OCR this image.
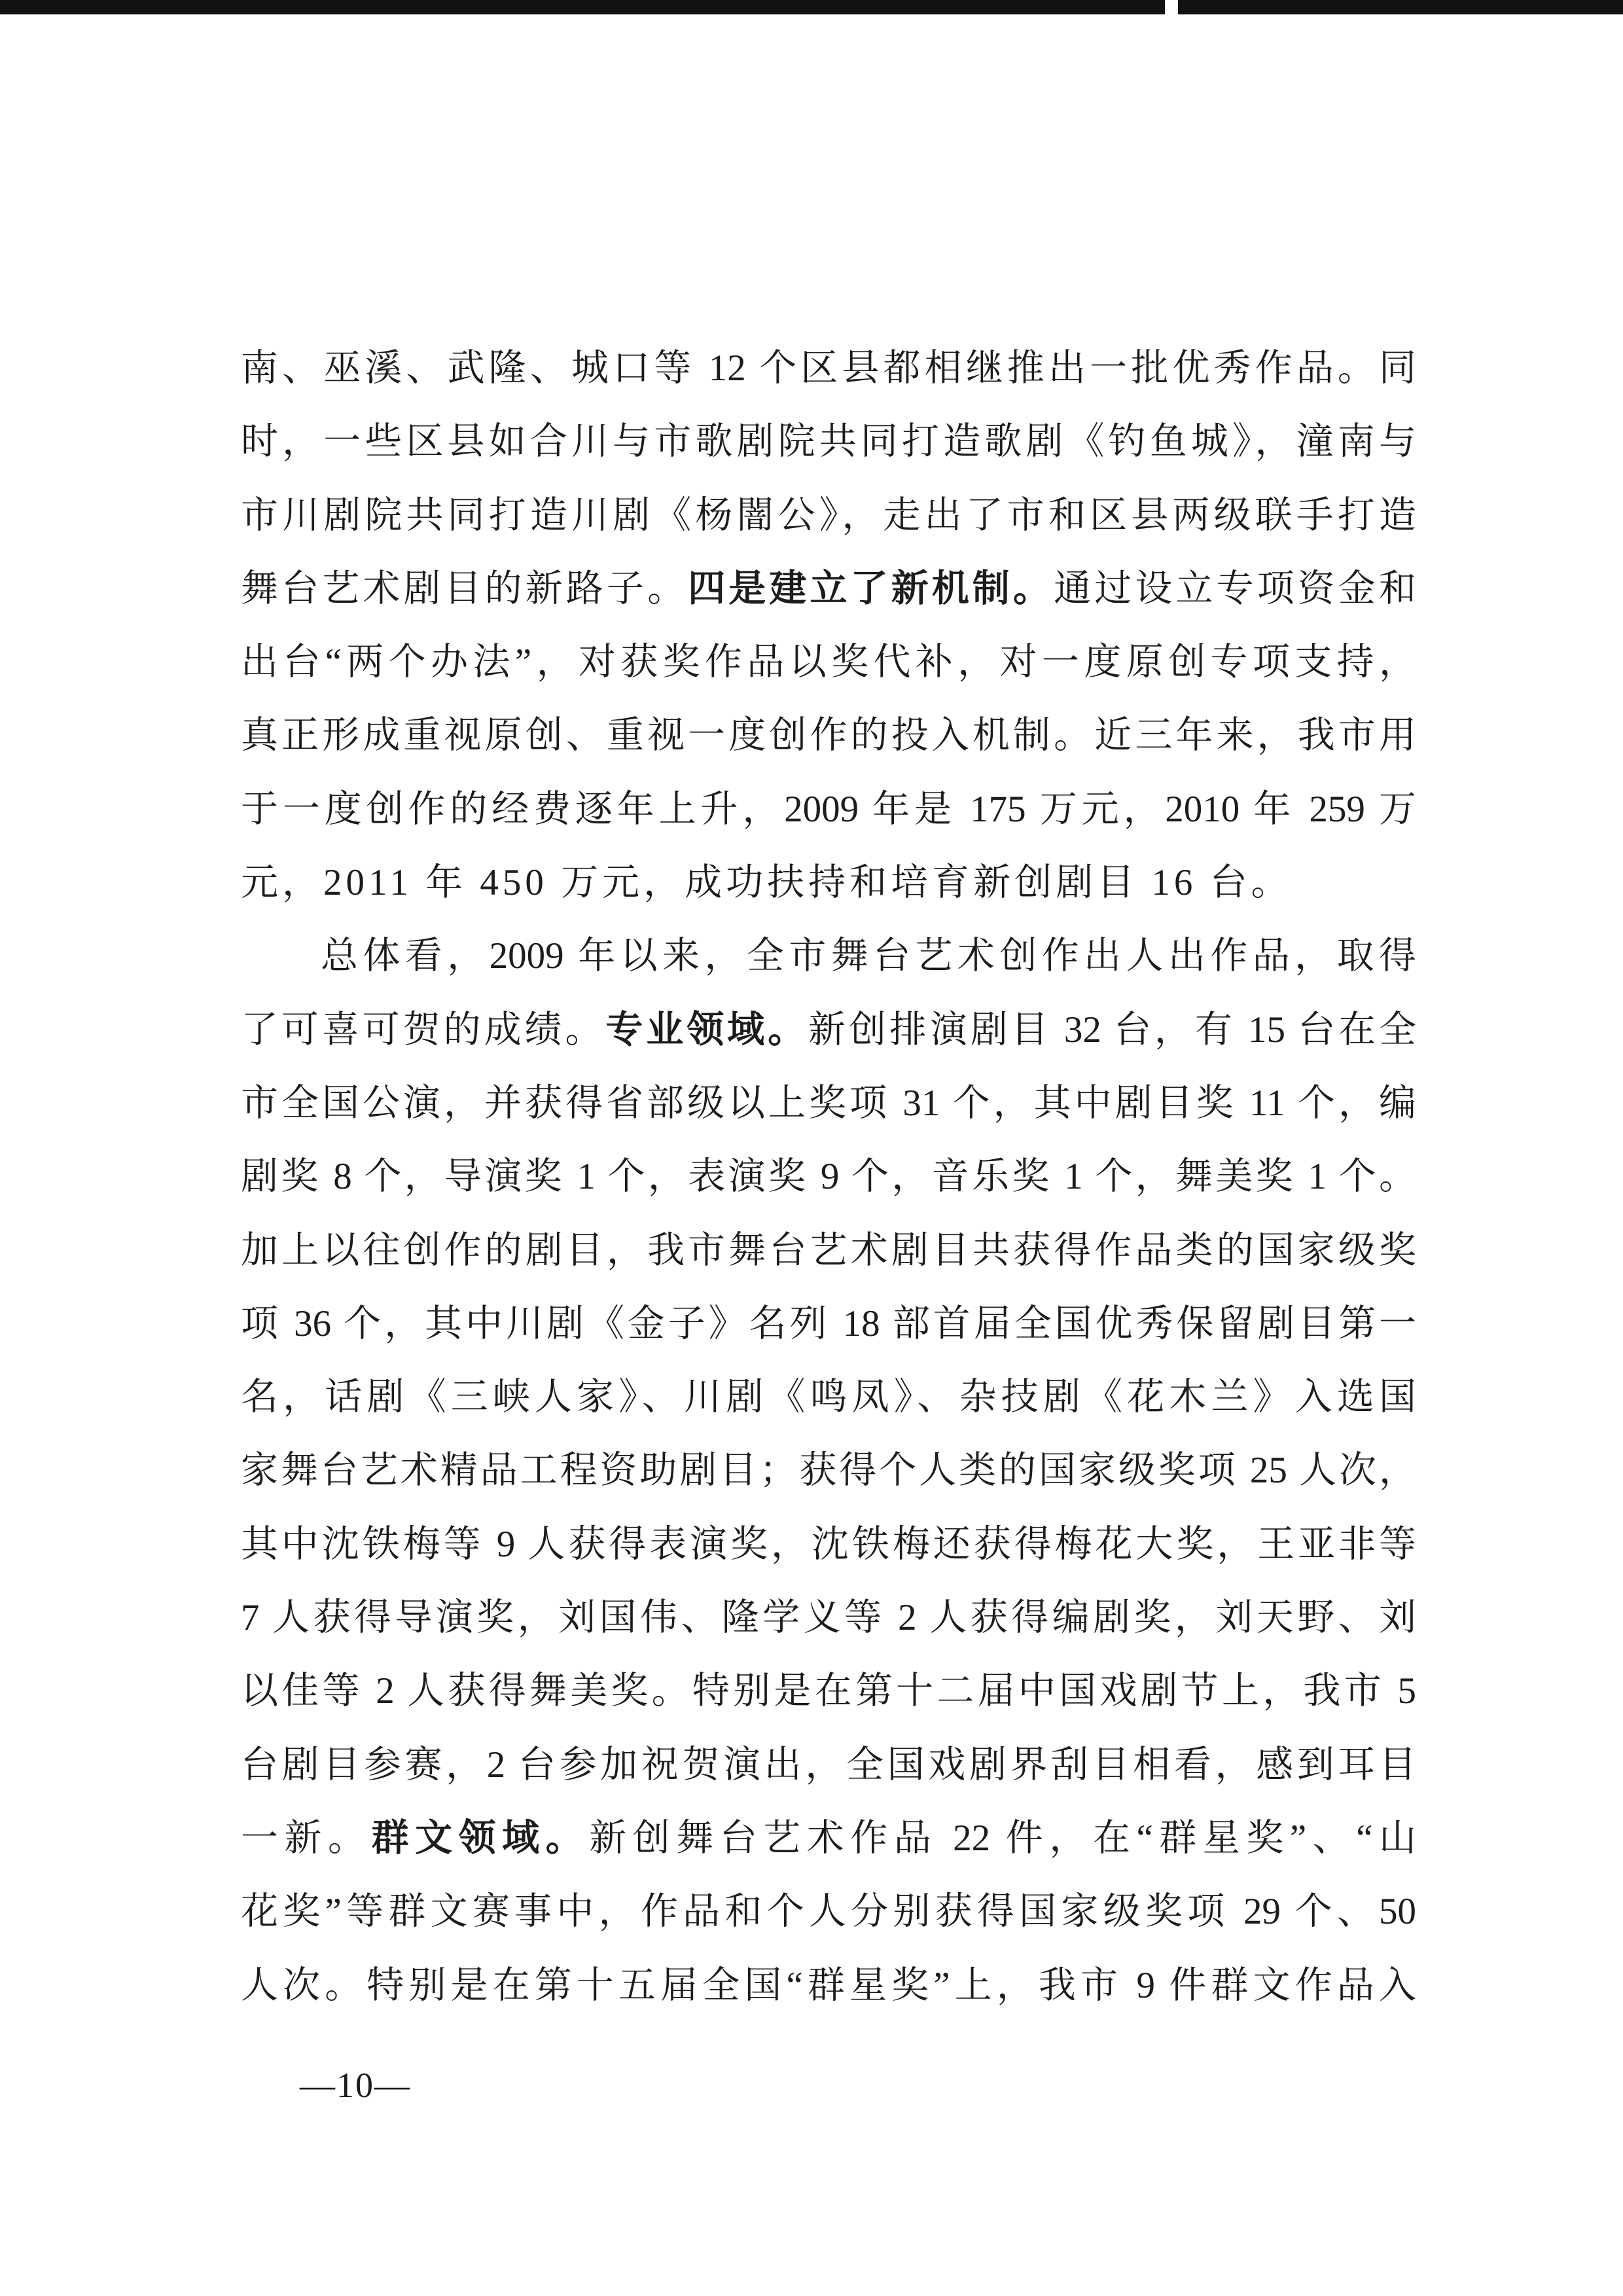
南、巫溪、武隆、城口等 12 个区县都相继推出一批优秀作品。同
时，一些区县如合川与市歌剧院共同打造歌剧《钓鱼城》，潼南与
市川剧院共同打造川剧《杨闇公》，走出了市和区县两级联手打造
舞台艺术剧目的新路子。四是建立了新机制。通过设立专项资金和
出台“两个办法”，对获奖作品以奖代补，对一度原创专项支持，
真正形成重视原创、重视一度创作的投入机制。近三年来，我市用
于一度创作的经费逐年上升，2009 年是 175 万元，2010 年 259 万
元，2011 年 450 万元，成功扶持和培育新创剧目 16 台。
总体看，2009 年以来，全市舞台艺术创作出人出作品，取得
了可喜可贺的成绩。专业领域。新创排演剧目 32 台，有 15 台在全
市全国公演，并获得省部级以上奖项 31 个，其中剧目奖 11 个，编
剧奖 8 个，导演奖 1 个，表演奖 9 个，音乐奖 1 个，舞美奖 1 个。
加上以往创作的剧目，我市舞台艺术剧目共获得作品类的国家级奖
项 36 个，其中川剧《金子》名列 18 部首届全国优秀保留剧目第一
名，话剧《三峡人家》、川剧《鸣凤》、杂技剧《花木兰》入选国
家舞台艺术精品工程资助剧目；获得个人类的国家级奖项 25 人次，
其中沈铁梅等 9 人获得表演奖，沈铁梅还获得梅花大奖，王亚非等
7 人获得导演奖，刘国伟、隆学义等 2 人获得编剧奖，刘天野、刘
以佳等 2 人获得舞美奖。特别是在第十二届中国戏剧节上，我市 5
台剧目参赛，2 台参加祝贺演出，全国戏剧界刮目相看，感到耳目
一新。群文领域。新创舞台艺术作品 22 件，在“群星奖”、“山
花奖”等群文赛事中，作品和个人分别获得国家级奖项 29 个、50
人次。特别是在第十五届全国“群星奖”上，我市 9 件群文作品入
—10—
